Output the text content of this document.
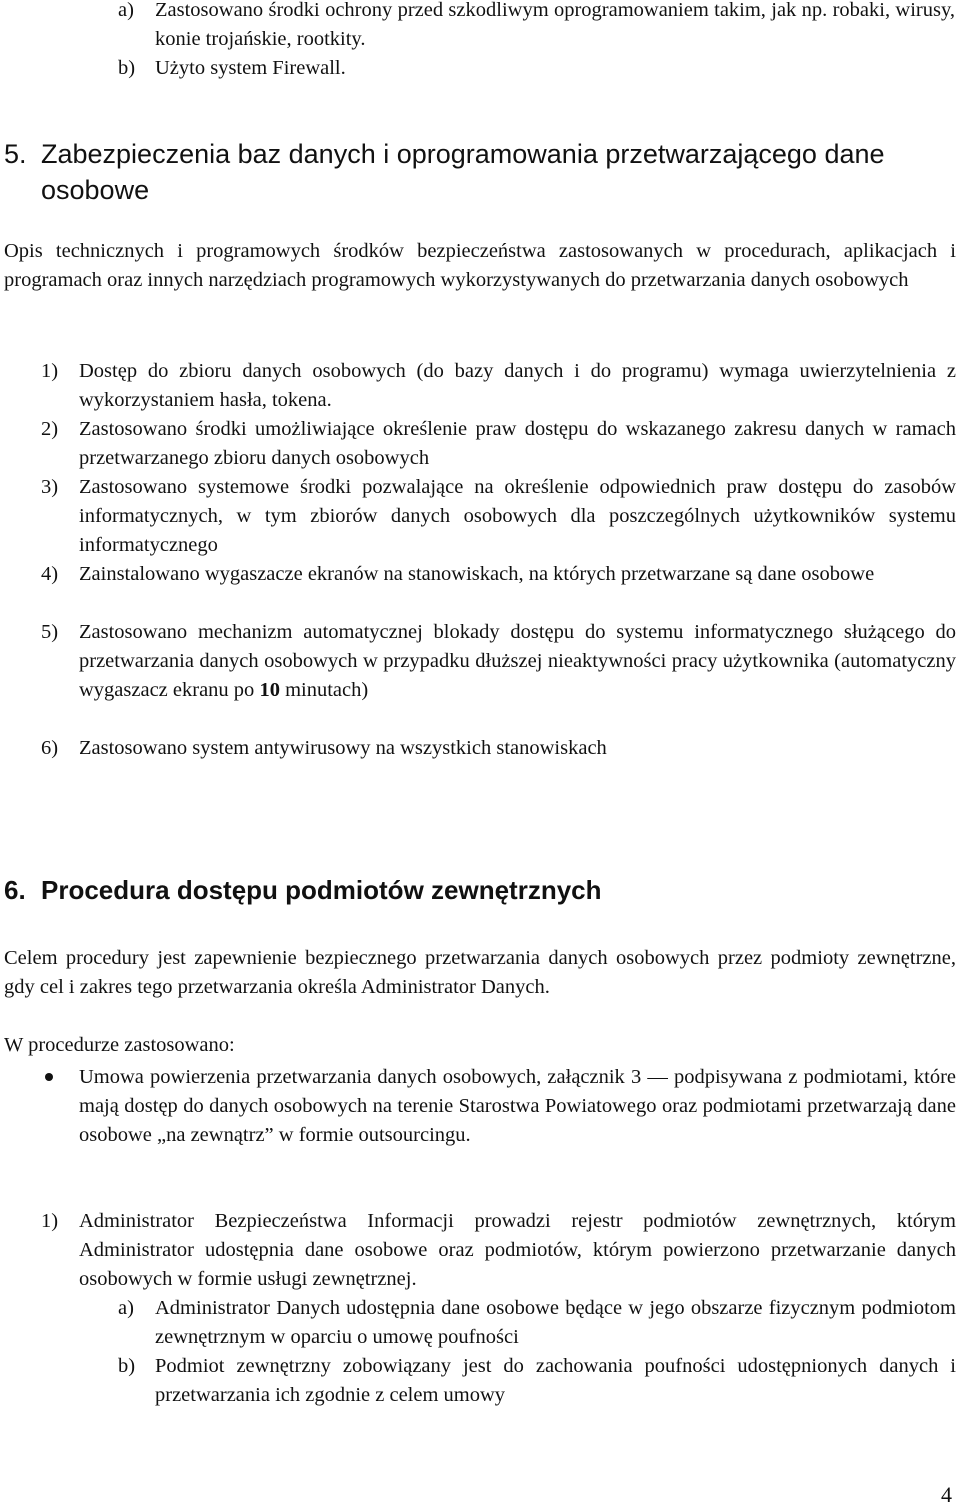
a) Zastosowano środki ochrony przed szkodliwym oprogramowaniem takim, jak np. robaki, wirusy, konie trojańskie, rootkity.

b) Użyto system Firewall.

5. Zabezpieczenia baz danych i oprogramowania przetwarzającego dane osobowe

Opis technicznych i programowych środków bezpieczeństwa zastosowanych w procedurach, aplikacjach i programach oraz innych narzędziach programowych wykorzystywanych do przetwarzania danych osobowych

1) Dostęp do zbioru danych osobowych (do bazy danych i do programu) wymaga uwierzytelnienia z wykorzystaniem hasła, tokena.

2) Zastosowano środki umożliwiające określenie praw dostępu do wskazanego zakresu danych w ramach przetwarzanego zbioru danych osobowych

3) Zastosowano systemowe środki pozwalające na określenie odpowiednich praw dostępu do zasobów informatycznych, w tym zbiorów danych osobowych dla poszczególnych użytkowników systemu informatycznego

4) Zainstalowano wygaszacze ekranów na stanowiskach, na których przetwarzane są dane osobowe

5) Zastosowano mechanizm automatycznej blokady dostępu do systemu informatycznego służącego do przetwarzania danych osobowych w przypadku dłuższej nieaktywności pracy użytkownika (automatyczny wygaszacz ekranu po 10 minutach)

6) Zastosowano system antywirusowy na wszystkich stanowiskach

6. Procedura dostępu podmiotów zewnętrznych

Celem procedury jest zapewnienie bezpiecznego przetwarzania danych osobowych przez podmioty zewnętrzne, gdy cel i zakres tego przetwarzania określa Administrator Danych.

W procedurze zastosowano:

Umowa powierzenia przetwarzania danych osobowych, załącznik 3 — podpisywana z podmiotami, które mają dostęp do danych osobowych na terenie Starostwa Powiatowego oraz podmiotami przetwarzają dane osobowe „na zewnątrz” w formie outsourcingu.

1) Administrator Bezpieczeństwa Informacji prowadzi rejestr podmiotów zewnętrznych, którym Administrator udostępnia dane osobowe oraz podmiotów, którym powierzono przetwarzanie danych osobowych w formie usługi zewnętrznej.

a) Administrator Danych udostępnia dane osobowe będące w jego obszarze fizycznym podmiotom zewnętrznym w oparciu o umowę poufności

b) Podmiot zewnętrzny zobowiązany jest do zachowania poufności udostępnionych danych i przetwarzania ich zgodnie z celem umowy

4
